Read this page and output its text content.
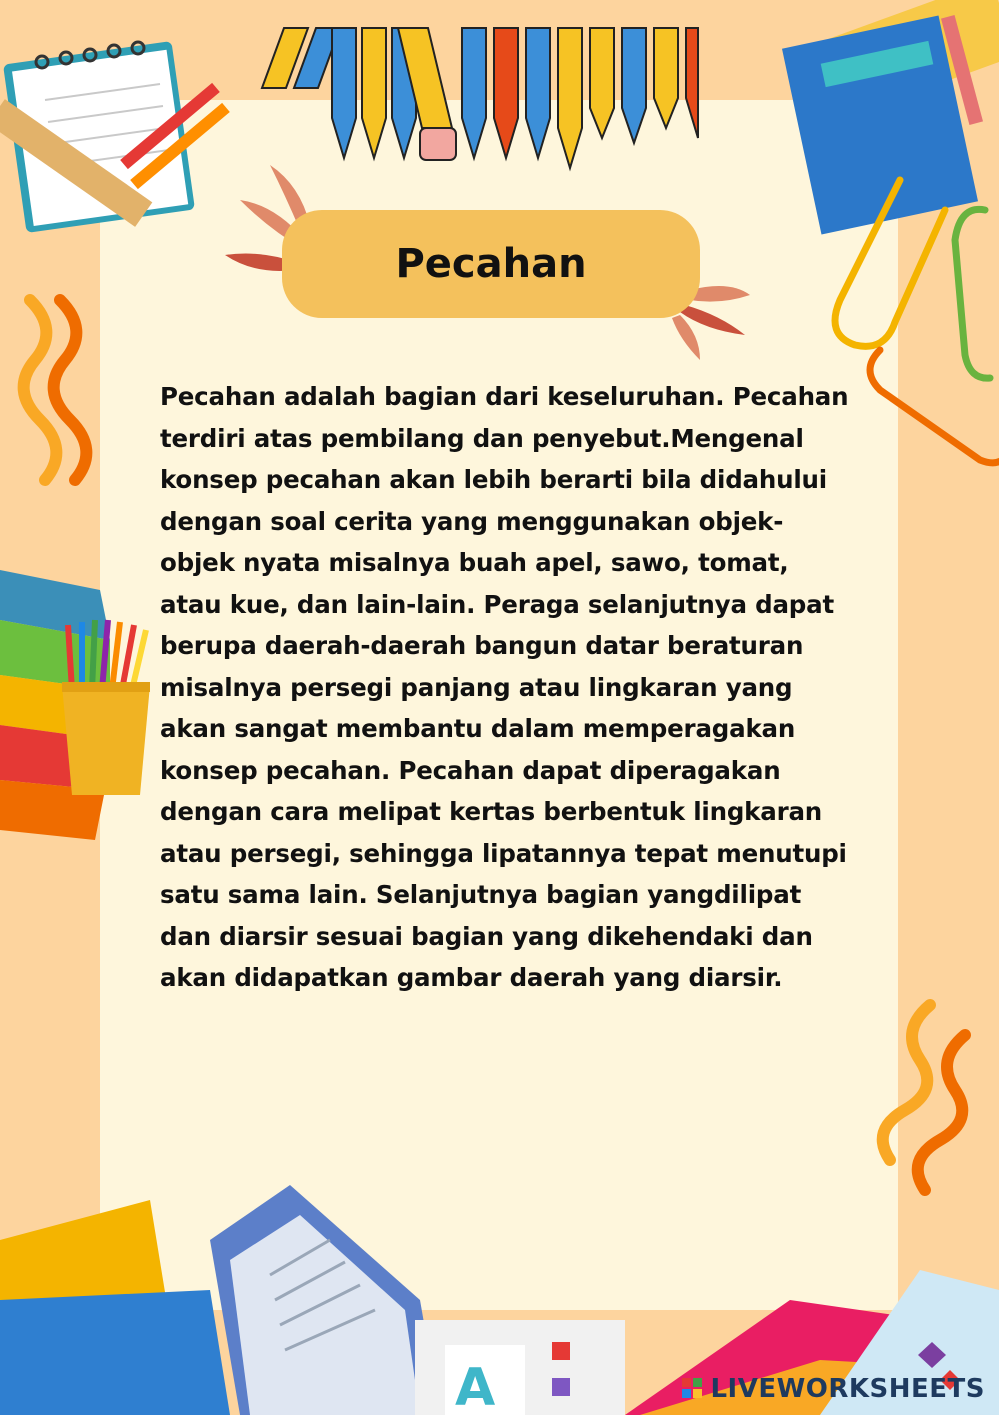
A
Pecahan

Pecahan adalah bagian dari keseluruhan. Pecahan terdiri atas pembilang dan penyebut.Mengenal konsep pecahan akan lebih berarti bila didahului dengan soal cerita yang menggunakan objek-objek nyata misalnya buah apel, sawo, tomat, atau kue, dan lain-lain. Peraga selanjutnya dapat berupa daerah-daerah bangun datar beraturan misalnya persegi panjang atau lingkaran yang akan sangat membantu dalam memperagakan konsep pecahan. Pecahan dapat diperagakan dengan cara melipat kertas berbentuk lingkaran atau persegi, sehingga lipatannya tepat menutupi satu sama lain. Selanjutnya bagian yangdilipat dan diarsir sesuai bagian yang dikehendaki dan akan didapatkan gambar daerah yang diarsir.

LIVEWORKSHEETS
